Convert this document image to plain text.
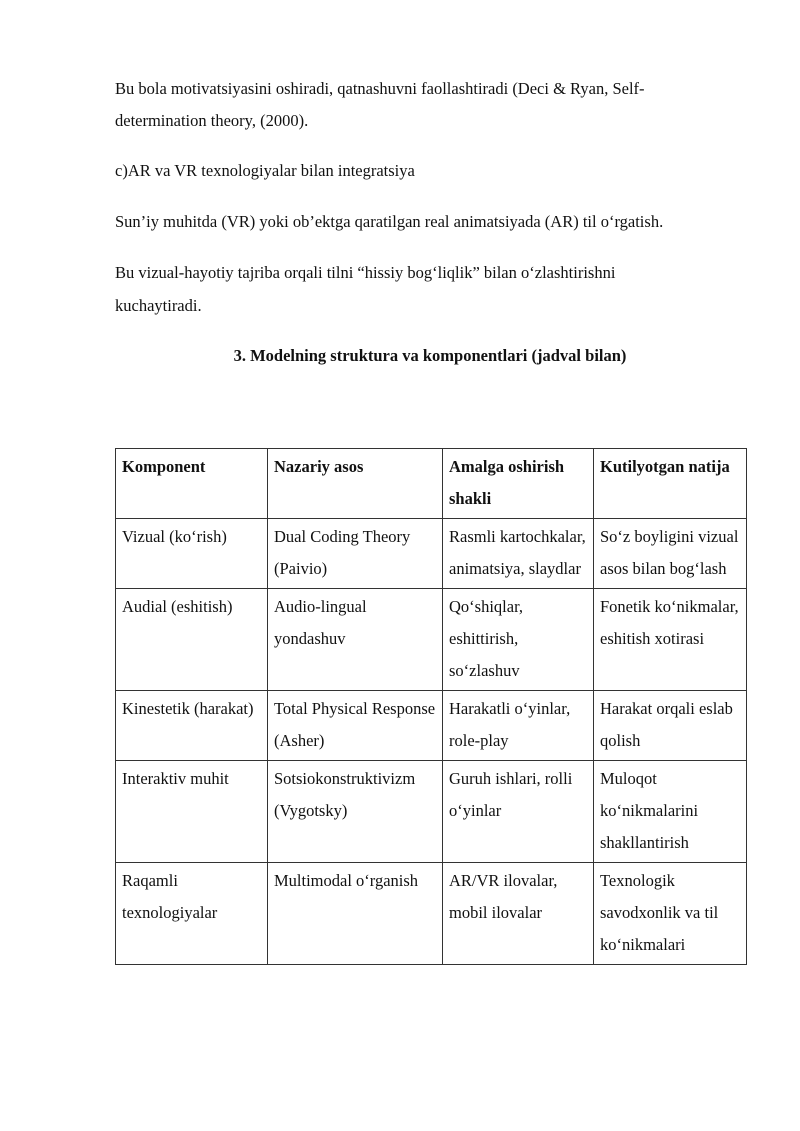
Bu bola motivatsiyasini oshiradi, qatnashuvni faollashtiradi (Deci & Ryan, Self-

determination theory, (2000).

c)AR va VR texnologiyalar bilan integratsiya

Sun’iy muhitda (VR) yoki ob’ektga qaratilgan real animatsiyada (AR) til o‘rgatish.

Bu vizual-hayotiy tajriba orqali tilni “hissiy bog‘liqlik” bilan o‘zlashtirishni

kuchaytiradi.

3. Modelning struktura va komponentlari (jadval bilan)

Komponent	Nazariy asos	Amalga oshirish shakli	Kutilyotgan natija
Vizual (ko‘rish)	Dual Coding Theory (Paivio)	Rasmli kartochkalar, animatsiya, slaydlar	So‘z boyligini vizual asos bilan bog‘lash
Audial (eshitish)	Audio-lingual yondashuv	Qo‘shiqlar, eshittirish, so‘zlashuv	Fonetik ko‘nikmalar, eshitish xotirasi
Kinestetik (harakat)	Total Physical Response (Asher)	Harakatli o‘yinlar, role-play	Harakat orqali eslab qolish
Interaktiv muhit	Sotsiokonstruktivizm (Vygotsky)	Guruh ishlari, rolli o‘yinlar	Muloqot ko‘nikmalarini shakllantirish
Raqamli texnologiyalar	Multimodal o‘rganish	AR/VR ilovalar, mobil ilovalar	Texnologik savodxonlik va til ko‘nikmalari
